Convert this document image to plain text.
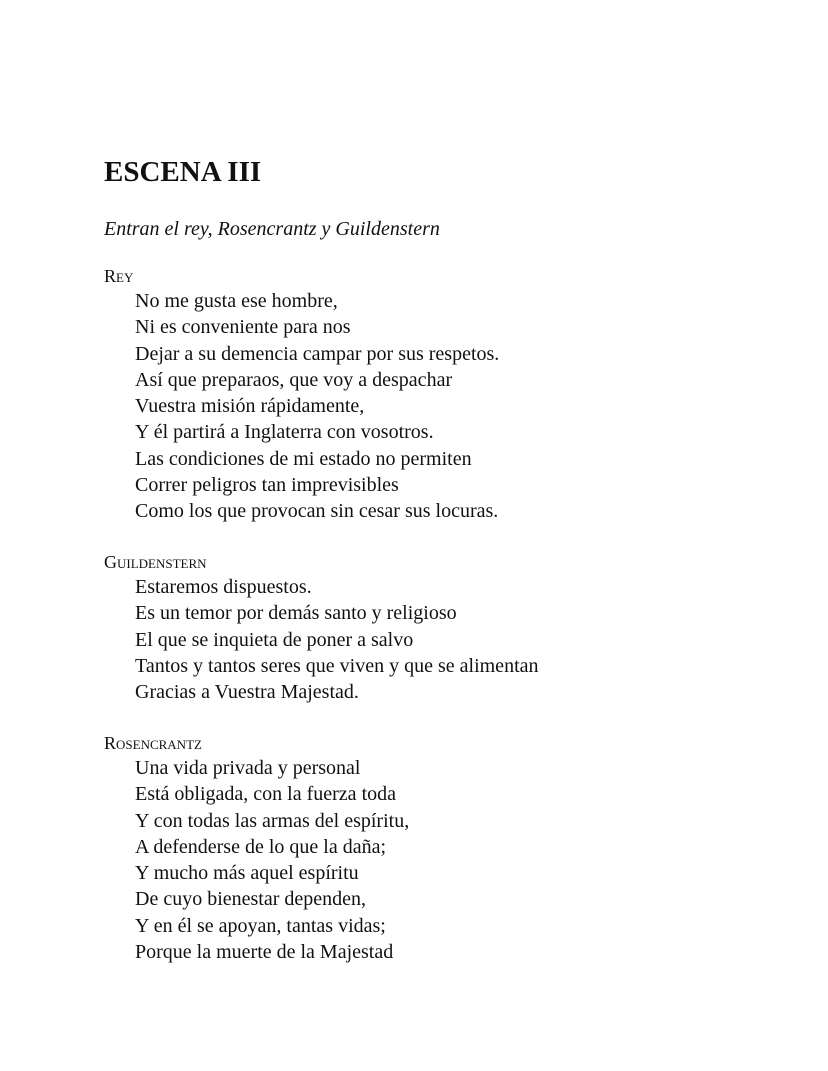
ESCENA III

Entran el rey, Rosencrantz y Guildenstern

Rey

No me gusta ese hombre,
Ni es conveniente para nos
Dejar a su demencia campar por sus respetos.
Así que preparaos, que voy a despachar
Vuestra misión rápidamente,
Y él partirá a Inglaterra con vosotros.
Las condiciones de mi estado no permiten
Correr peligros tan imprevisibles
Como los que provocan sin cesar sus locuras.

Guildenstern

Estaremos dispuestos.
Es un temor por demás santo y religioso
El que se inquieta de poner a salvo
Tantos y tantos seres que viven y que se alimentan
Gracias a Vuestra Majestad.

Rosencrantz

Una vida privada y personal
Está obligada, con la fuerza toda
Y con todas las armas del espíritu,
A defenderse de lo que la daña;
Y mucho más aquel espíritu
De cuyo bienestar dependen,
Y en él se apoyan, tantas vidas;
Porque la muerte de la Majestad
